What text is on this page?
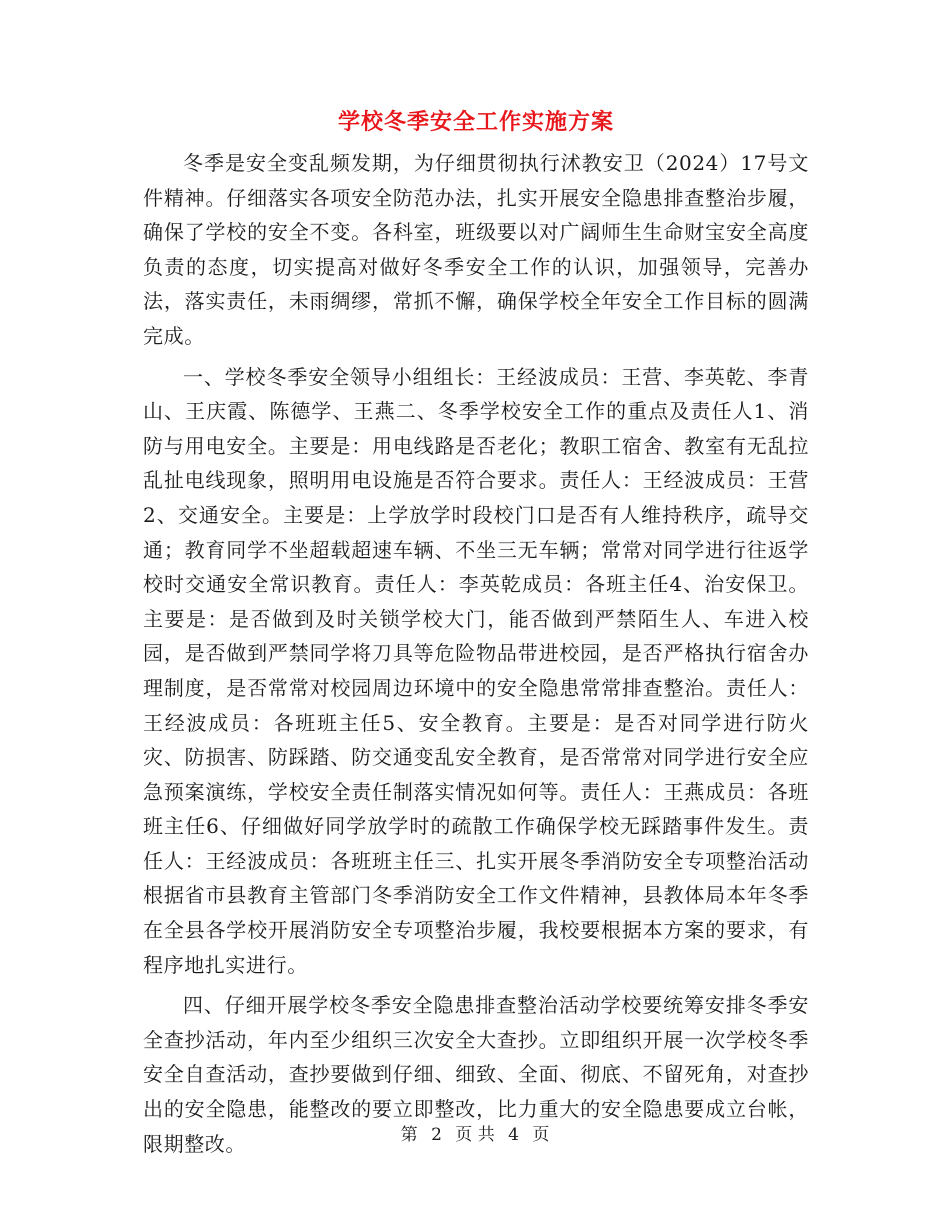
学校冬季安全工作实施方案

冬季是安全变乱频发期，为仔细贯彻执行沭教安卫（2024）17号文件精神。仔细落实各项安全防范办法，扎实开展安全隐患排查整治步履，确保了学校的安全不变。各科室，班级要以对广阔师生生命财宝安全高度负责的态度，切实提高对做好冬季安全工作的认识，加强领导，完善办法，落实责任，未雨绸缪，常抓不懈，确保学校全年安全工作目标的圆满完成。

一、学校冬季安全领导小组组长：王经波成员：王营、李英乾、李青山、王庆霞、陈德学、王燕二、冬季学校安全工作的重点及责任人1、消防与用电安全。主要是：用电线路是否老化；教职工宿舍、教室有无乱拉乱扯电线现象，照明用电设施是否符合要求。责任人：王经波成员：王营2、交通安全。主要是：上学放学时段校门口是否有人维持秩序，疏导交通；教育同学不坐超载超速车辆、不坐三无车辆；常常对同学进行往返学校时交通安全常识教育。责任人：李英乾成员：各班主任4、治安保卫。主要是：是否做到及时关锁学校大门，能否做到严禁陌生人、车进入校园，是否做到严禁同学将刀具等危险物品带进校园，是否严格执行宿舍办理制度，是否常常对校园周边环境中的安全隐患常常排查整治。责任人：王经波成员：各班班主任5、安全教育。主要是：是否对同学进行防火灾、防损害、防踩踏、防交通变乱安全教育，是否常常对同学进行安全应急预案演练，学校安全责任制落实情况如何等。责任人：王燕成员：各班班主任6、仔细做好同学放学时的疏散工作确保学校无踩踏事件发生。责任人：王经波成员：各班班主任三、扎实开展冬季消防安全专项整治活动根据省市县教育主管部门冬季消防安全工作文件精神，县教体局本年冬季在全县各学校开展消防安全专项整治步履，我校要根据本方案的要求，有程序地扎实进行。

四、仔细开展学校冬季安全隐患排查整治活动学校要统筹安排冬季安全查抄活动，年内至少组织三次安全大查抄。立即组织开展一次学校冬季安全自查活动，查抄要做到仔细、细致、全面、彻底、不留死角，对查抄出的安全隐患，能整改的要立即整改，比力重大的安全隐患要成立台帐，限期整改。	第 2 页 共 4 页
